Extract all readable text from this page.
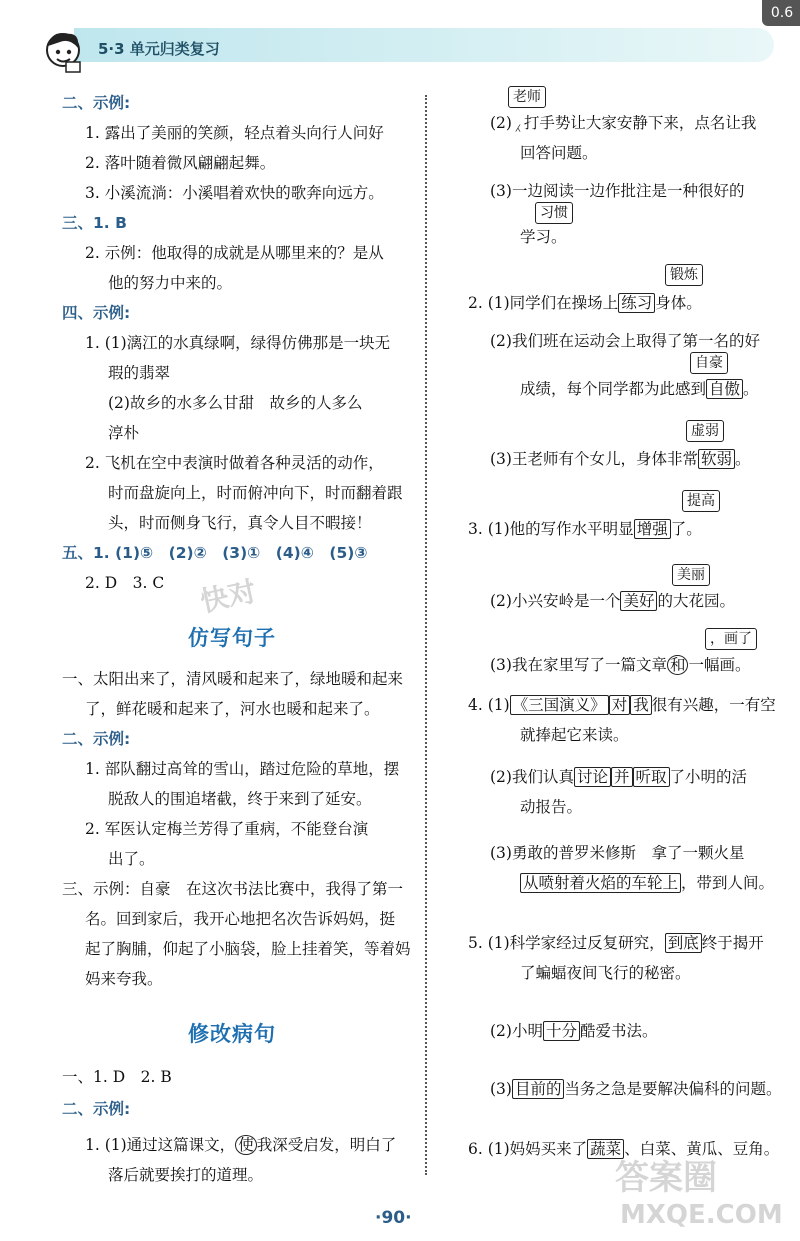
5·3 单元归类复习
0.6
二、示例:
1. 露出了美丽的笑颜，轻点着头向行人问好
2. 落叶随着微风翩翩起舞。
3. 小溪流淌：小溪唱着欢快的歌奔向远方。
三、1. B
2. 示例：他取得的成就是从哪里来的？是从
他的努力中来的。
四、示例:
1. (1)漓江的水真绿啊，绿得仿佛那是一块无
瑕的翡翠
(2)故乡的水多么甘甜　故乡的人多么
淳朴
2. 飞机在空中表演时做着各种灵活的动作，
时而盘旋向上，时而俯冲向下，时而翻着跟
头，时而侧身飞行，真令人目不暇接！
五、1. (1)⑤　(2)②　(3)①　(4)④　(5)③
2. D　3. C
仿写句子
一、太阳出来了，清风暖和起来了，绿地暖和起来
了，鲜花暖和起来了，河水也暖和起来了。
二、示例:
1. 部队翻过高耸的雪山，踏过危险的草地，摆
脱敌人的围追堵截，终于来到了延安。
2. 军医认定梅兰芳得了重病，不能登台演
出了。
三、示例：自豪　在这次书法比赛中，我得了第一
名。回到家后，我开心地把名次告诉妈妈，挺
起了胸脯，仰起了小脑袋，脸上挂着笑，等着妈
妈来夸我。
修改病句
一、1. D　2. B
二、示例:
1. (1)通过这篇课文， 使 我深受启发，明白了
落后就要挨打的道理。
老师
(2) ⁁ 打手势让大家安静下来，点名让我
回答问题。
(3)一边阅读一边作批注是一种很好的
习惯
学习。
锻炼
2. (1)同学们在操场上 练习 身体。
(2)我们班在运动会上取得了第一名的好
自豪
成绩，每个同学都为此感到 自傲 。
虚弱
(3)王老师有个女儿，身体非常 软弱 。
提高
3. (1)他的写作水平明显 增强 了。
美丽
(2)小兴安岭是一个 美好 的大花园。
，画了
(3)我在家里写了一篇文章 和 一幅画。
4. (1) 《三国演义》 对 我 很有兴趣，一有空
就捧起它来读。
(2)我们认真 讨论 并 听取 了小明的活
动报告。
(3)勇敢的普罗米修斯　拿了一颗火星
从喷射着火焰的车轮上 ，带到人间。
5. (1)科学家经过反复研究， 到底 终于揭开
了蝙蝠夜间飞行的秘密。
(2)小明 十分 酷爱书法。
(3) 目前的 当务之急是要解决偏科的问题。
6. (1)妈妈买来了 蔬菜 、白菜、黄瓜、豆角。
快对
答案圈
MXQE.COM
·90·
